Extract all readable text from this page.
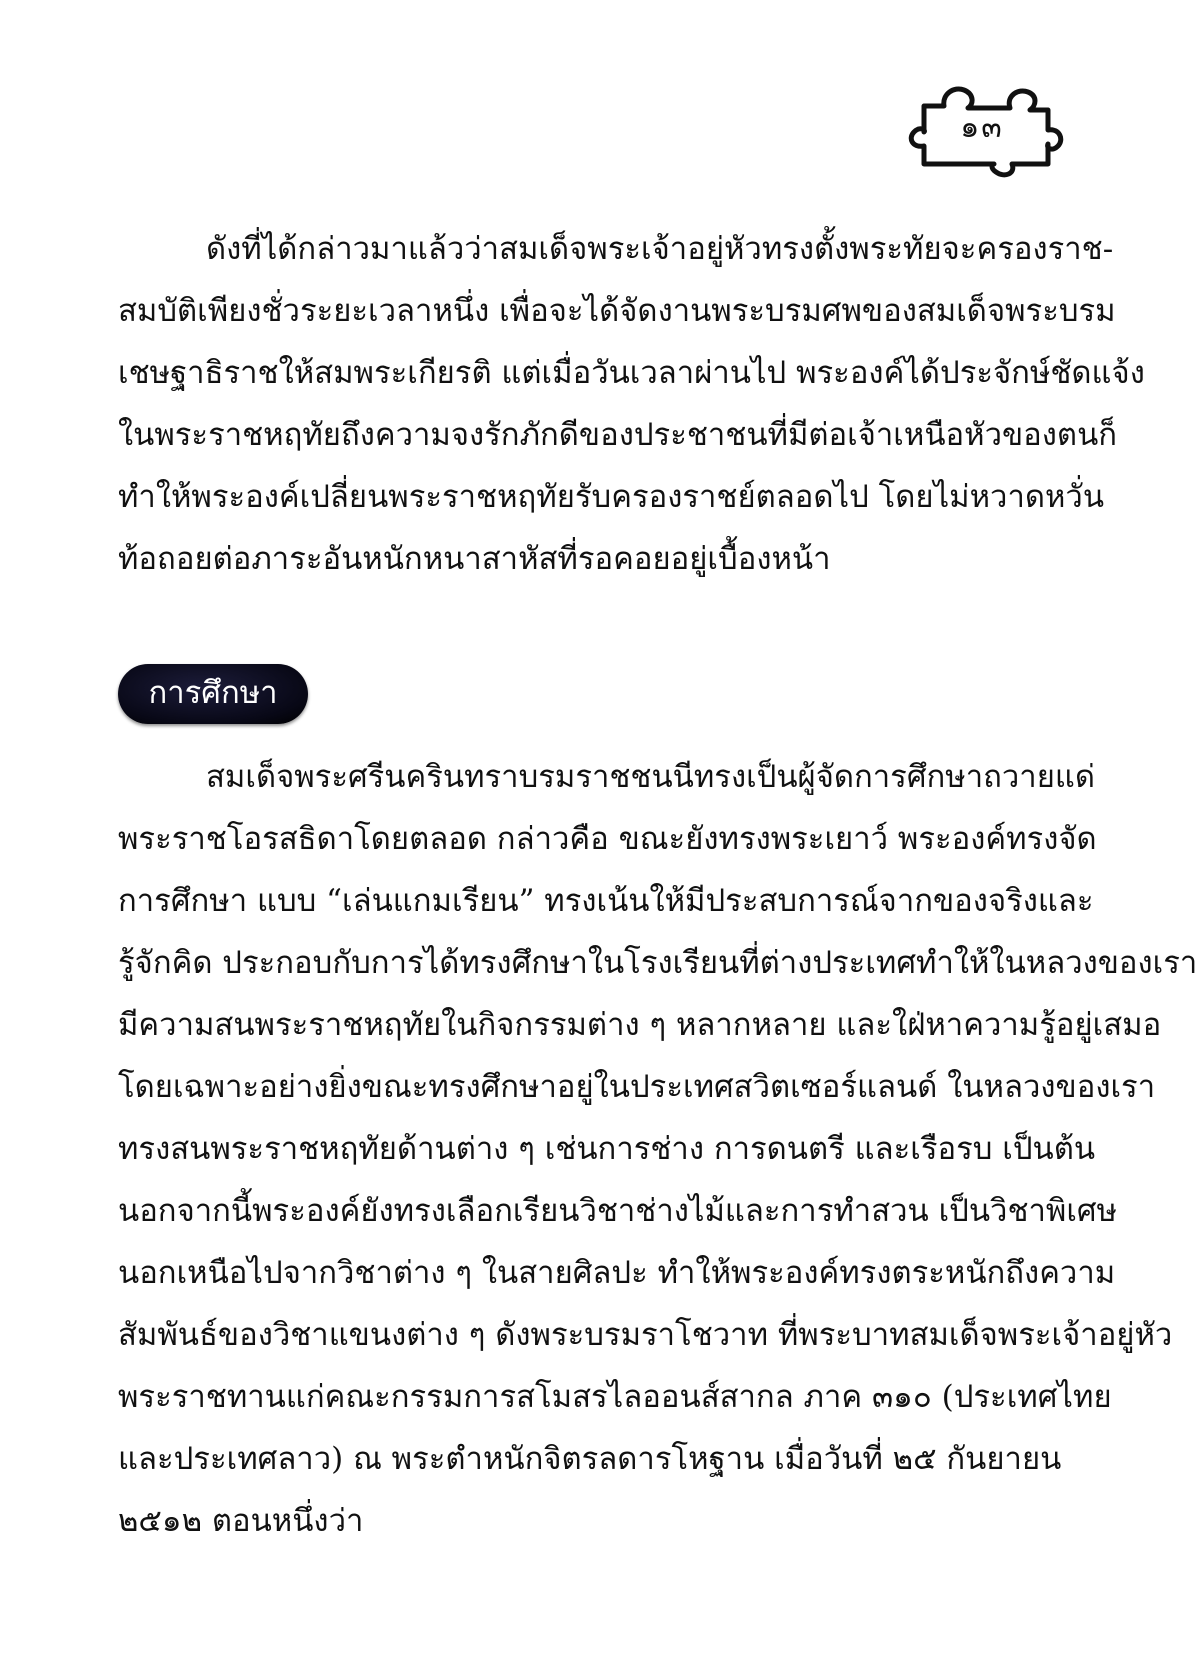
๑๓
ดังที่ได้กล่าวมาแล้วว่าสมเด็จพระเจ้าอยู่หัวทรงตั้งพระทัยจะครองราช-
สมบัติเพียงชั่วระยะเวลาหนึ่ง เพื่อจะได้จัดงานพระบรมศพของสมเด็จพระบรม
เชษฐาธิราชให้สมพระเกียรติ แต่เมื่อวันเวลาผ่านไป พระองค์ได้ประจักษ์ชัดแจ้ง
ในพระราชหฤทัยถึงความจงรักภักดีของประชาชนที่มีต่อเจ้าเหนือหัวของตนก็
ทำให้พระองค์เปลี่ยนพระราชหฤทัยรับครองราชย์ตลอดไป โดยไม่หวาดหวั่น
ท้อถอยต่อภาระอันหนักหนาสาหัสที่รอคอยอยู่เบื้องหน้า
การศึกษา
สมเด็จพระศรีนครินทราบรมราชชนนีทรงเป็นผู้จัดการศึกษาถวายแด่
พระราชโอรสธิดาโดยตลอด กล่าวคือ ขณะยังทรงพระเยาว์ พระองค์ทรงจัด
การศึกษา แบบ “เล่นแกมเรียน” ทรงเน้นให้มีประสบการณ์จากของจริงและ
รู้จักคิด ประกอบกับการได้ทรงศึกษาในโรงเรียนที่ต่างประเทศทำให้ในหลวงของเรา
มีความสนพระราชหฤทัยในกิจกรรมต่าง ๆ หลากหลาย และใฝ่หาความรู้อยู่เสมอ
โดยเฉพาะอย่างยิ่งขณะทรงศึกษาอยู่ในประเทศสวิตเซอร์แลนด์ ในหลวงของเรา
ทรงสนพระราชหฤทัยด้านต่าง ๆ เช่นการช่าง การดนตรี และเรือรบ เป็นต้น
นอกจากนี้พระองค์ยังทรงเลือกเรียนวิชาช่างไม้และการทำสวน เป็นวิชาพิเศษ
นอกเหนือไปจากวิชาต่าง ๆ ในสายศิลปะ ทำให้พระองค์ทรงตระหนักถึงความ
สัมพันธ์ของวิชาแขนงต่าง ๆ ดังพระบรมราโชวาท ที่พระบาทสมเด็จพระเจ้าอยู่หัว
พระราชทานแก่คณะกรรมการสโมสรไลออนส์สากล ภาค ๓๑๐ (ประเทศไทย
และประเทศลาว) ณ พระตำหนักจิตรลดารโหฐาน เมื่อวันที่ ๒๕ กันยายน
๒๕๑๒ ตอนหนึ่งว่า
